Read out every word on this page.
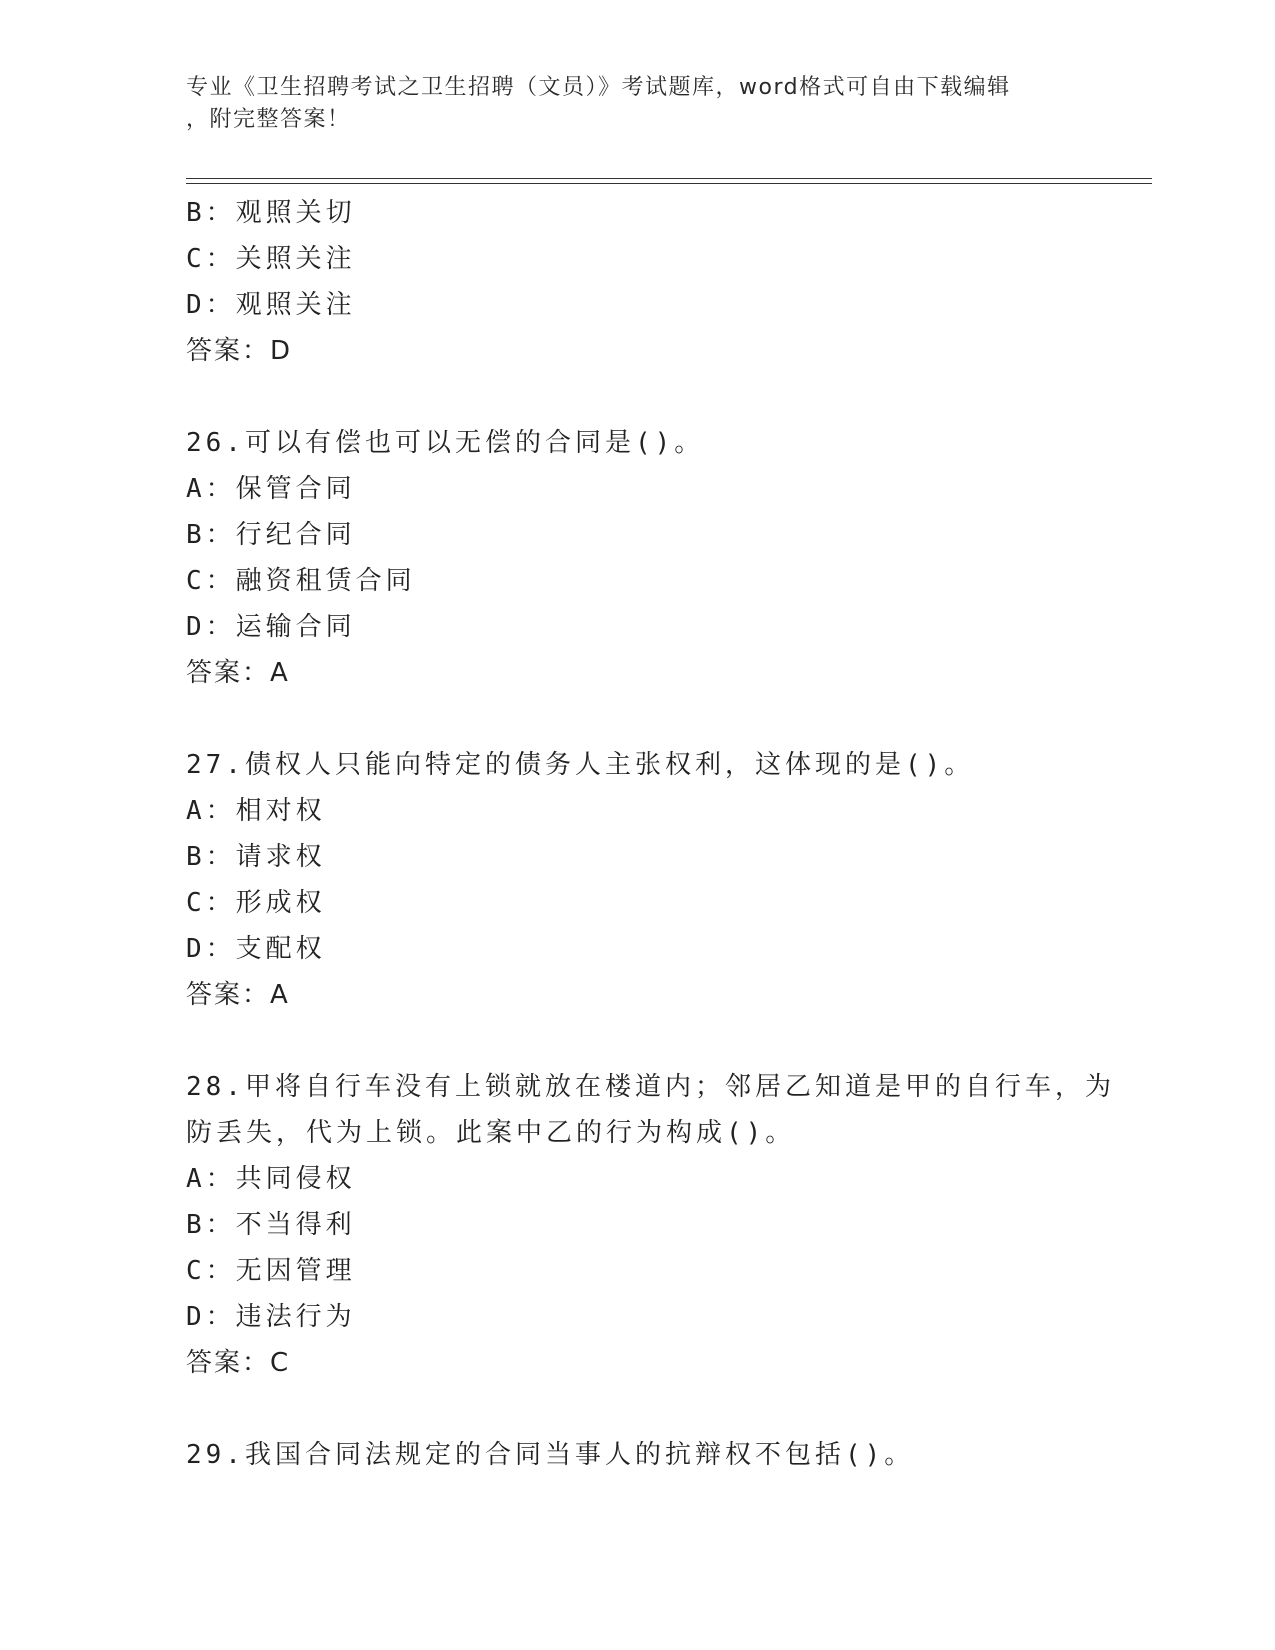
专业《卫生招聘考试之卫生招聘（文员）》考试题库，word格式可自由下载编辑
，附完整答案！
B：观照关切
C：关照关注
D：观照关注
答案：D
26.可以有偿也可以无偿的合同是()。
A：保管合同
B：行纪合同
C：融资租赁合同
D：运输合同
答案：A
27.债权人只能向特定的债务人主张权利，这体现的是()。
A：相对权
B：请求权
C：形成权
D：支配权
答案：A
28.甲将自行车没有上锁就放在楼道内；邻居乙知道是甲的自行车，为
防丢失，代为上锁。此案中乙的行为构成()。
A：共同侵权
B：不当得利
C：无因管理
D：违法行为
答案：C
29.我国合同法规定的合同当事人的抗辩权不包括()。
